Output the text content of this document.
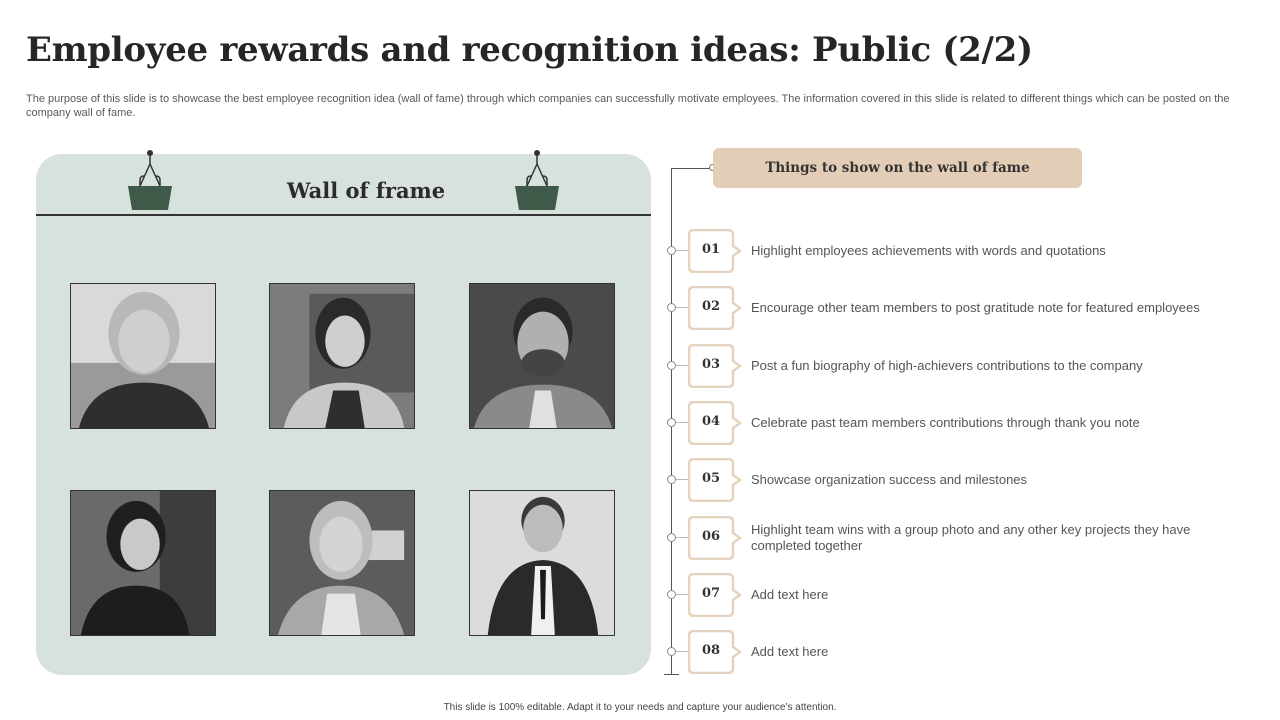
Employee rewards and recognition ideas: Public (2/2)

The purpose of this slide is to showcase the best employee recognition idea (wall of fame) through which companies can successfully motivate employees. The information covered in this slide is related to different things which can be posted on the company wall of fame.

Wall of frame
Things to show on the wall of fame
01	Highlight employees achievements with words and quotations
02	Encourage other team members to post gratitude note for featured employees
03	Post a fun biography of high-achievers contributions to the company
04	Celebrate past team members contributions through thank you note
05	Showcase organization success and milestones
06	Highlight team wins with a group photo and any other key projects they have completed together
07	Add text here
08	Add text here
This slide is 100% editable. Adapt it to your needs and capture your audience’s attention.
